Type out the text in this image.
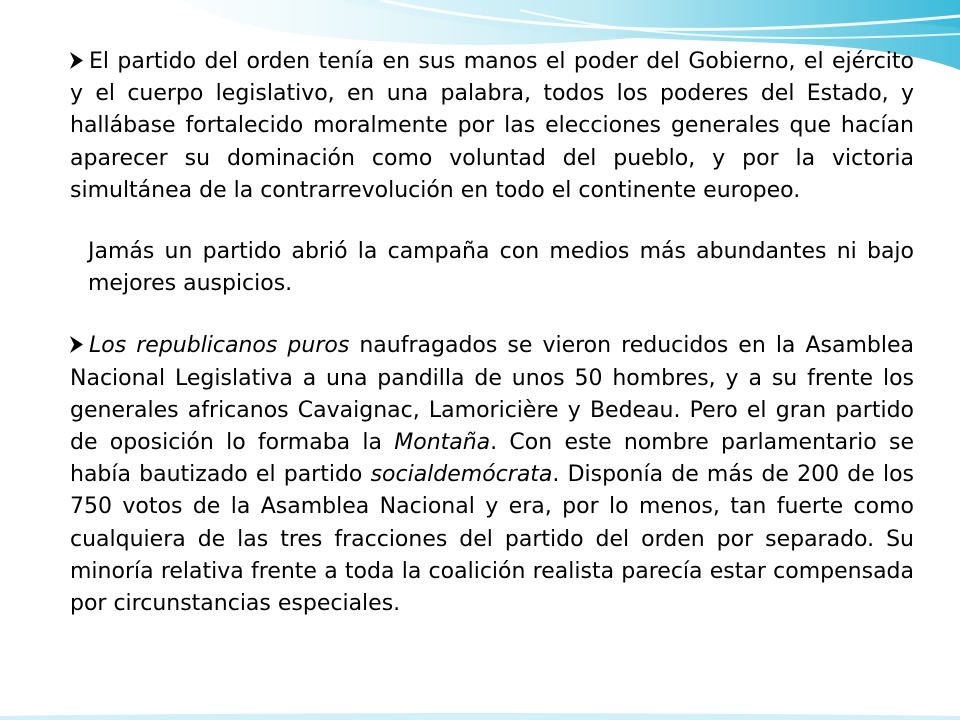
El partido del orden tenía en sus manos el poder del Gobierno, el ejército y el cuerpo legislativo, en una palabra, todos los poderes del Estado, y hallábase fortalecido moralmente por las elecciones generales que hacían aparecer su dominación como voluntad del pueblo, y por la victoria simultánea de la contrarrevolución en todo el continente europeo.

Jamás un partido abrió la campaña con medios más abundantes ni bajo mejores auspicios.

Los republicanos puros naufragados se vieron reducidos en la Asamblea Nacional Legislativa a una pandilla de unos 50 hombres, y a su frente los generales africanos Cavaignac, Lamoricière y Bedeau. Pero el gran partido de oposición lo formaba la Montaña. Con este nombre parlamentario se había bautizado el partido socialdemócrata. Disponía de más de 200 de los 750 votos de la Asamblea Nacional y era, por lo menos, tan fuerte como cualquiera de las tres fracciones del partido del orden por separado. Su minoría relativa frente a toda la coalición realista parecía estar compensada por circunstancias especiales.
